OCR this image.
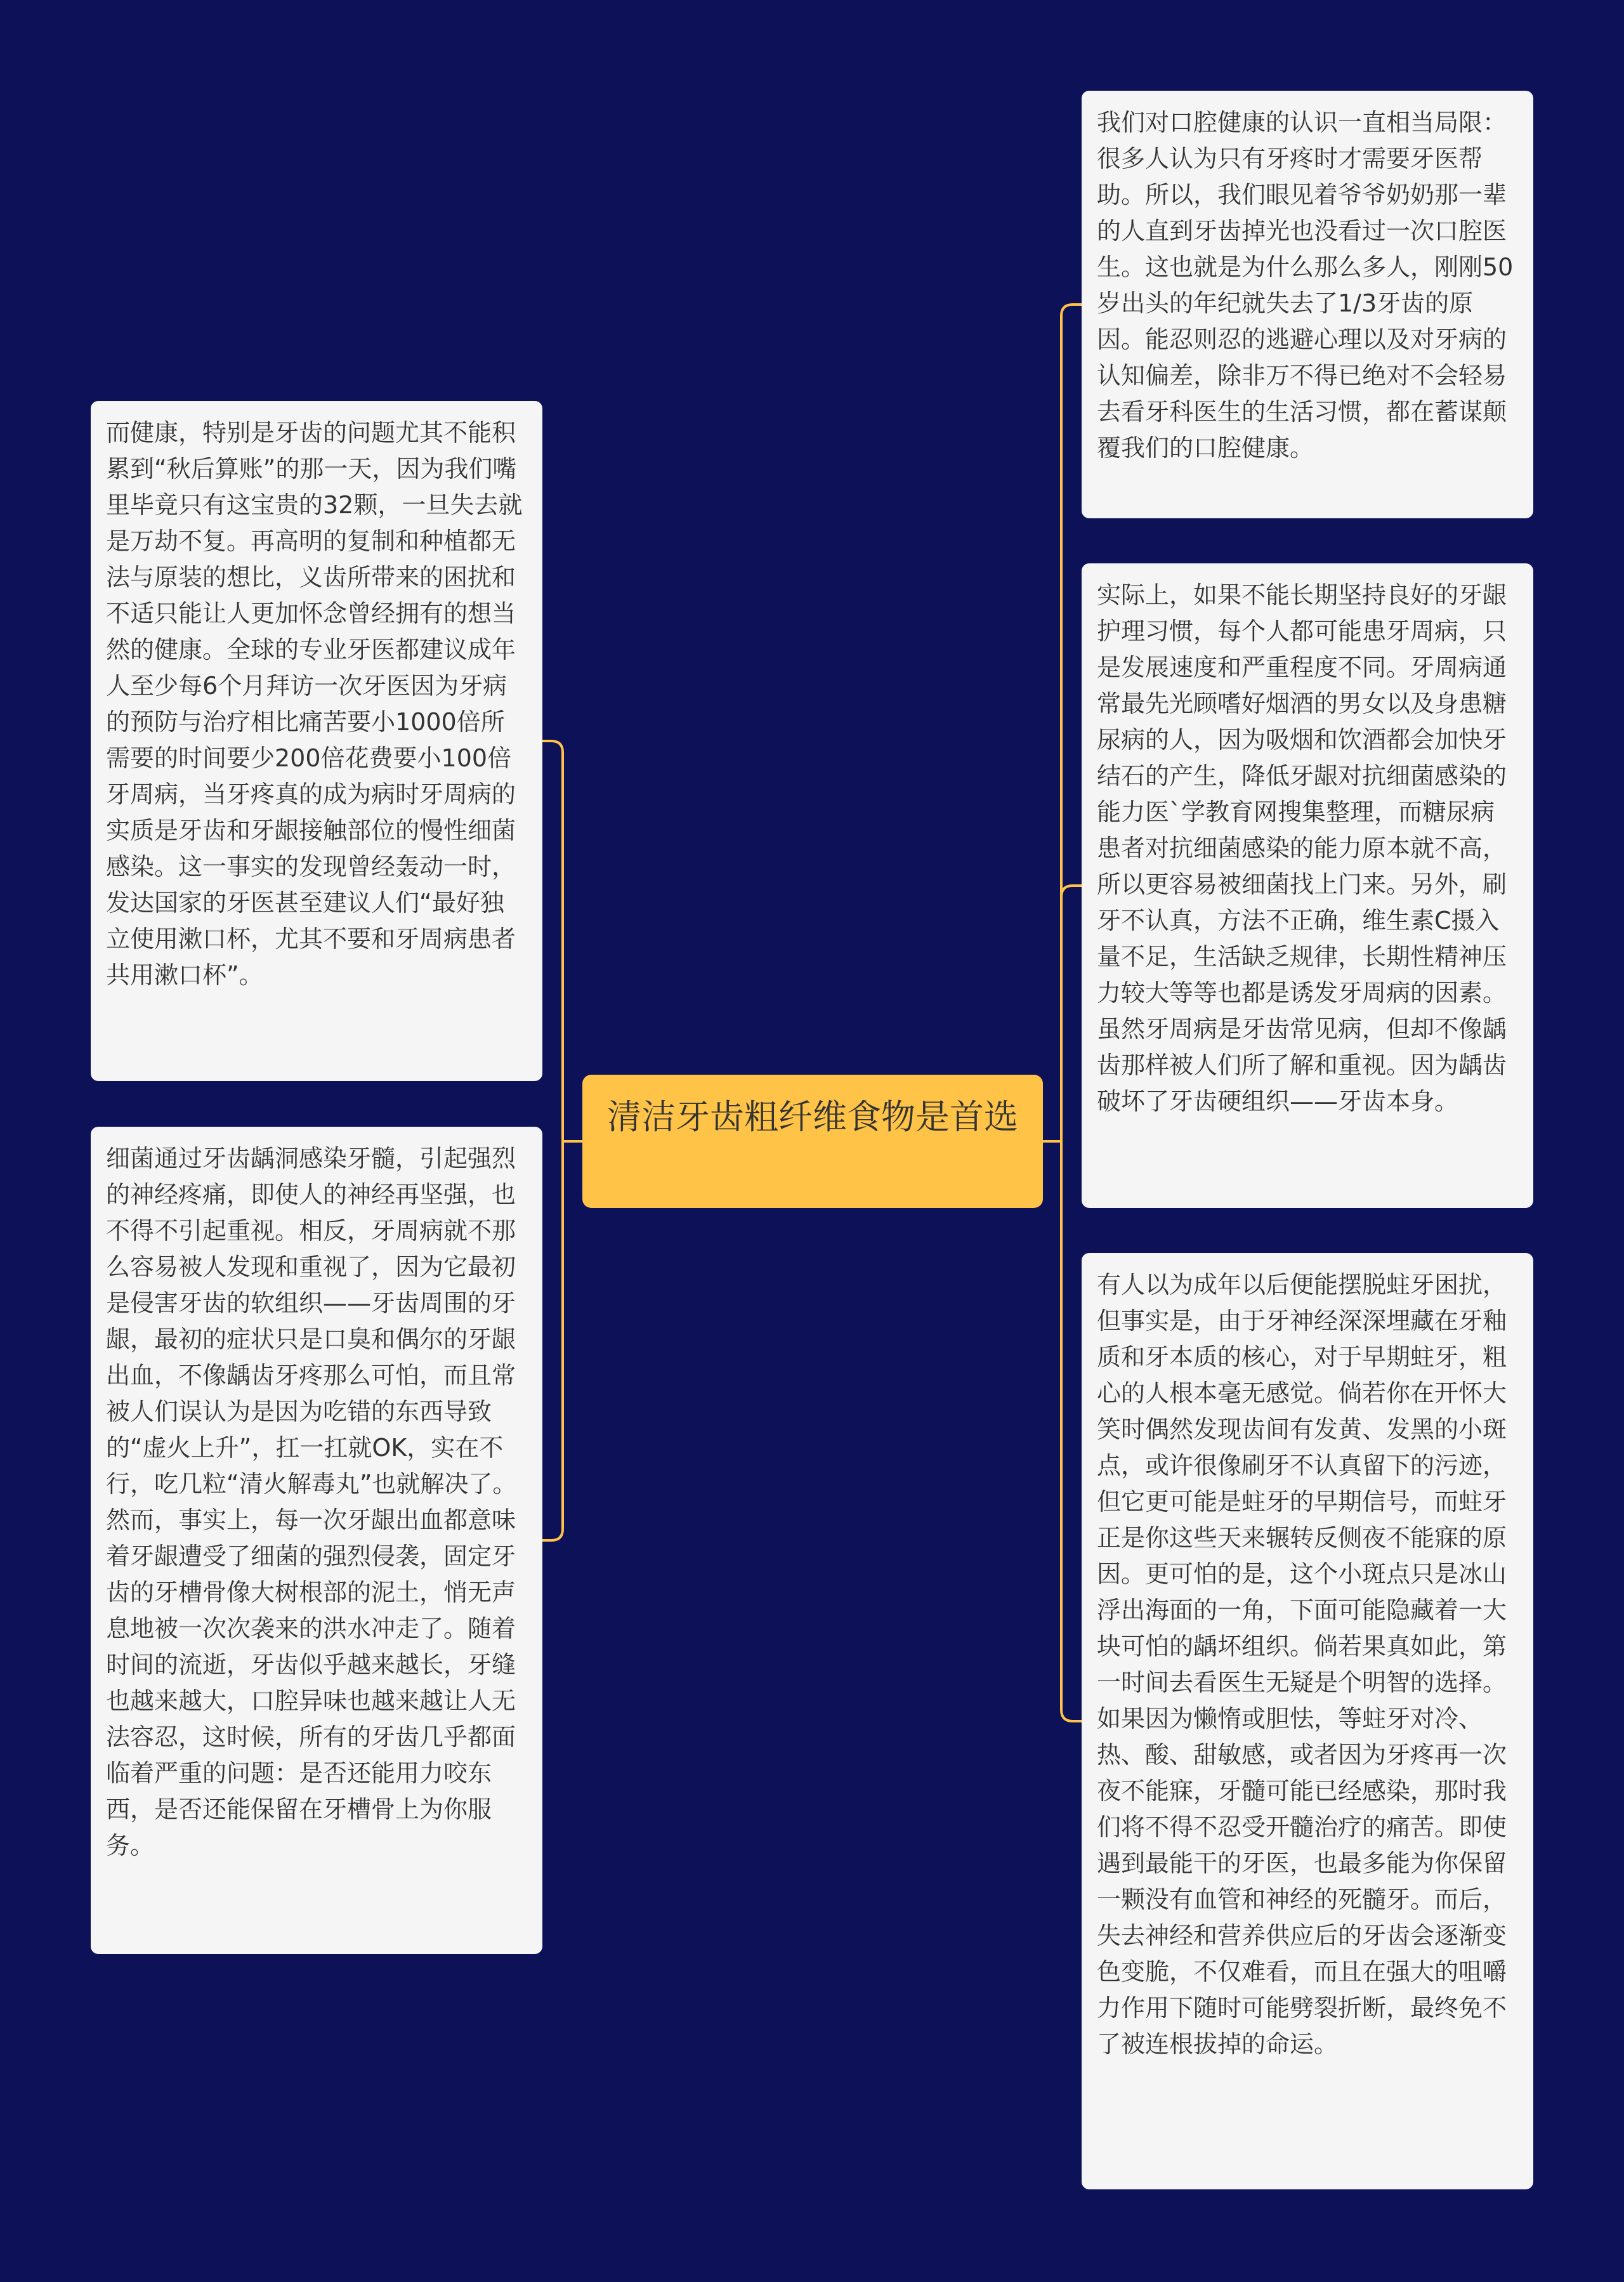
清洁牙齿粗纤维食物是首选
而健康，特别是牙齿的问题尤其不能积累到“秋后算账”的那一天，因为我们嘴里毕竟只有这宝贵的32颗，一旦失去就是万劫不复。再高明的复制和种植都无法与原装的想比，义齿所带来的困扰和不适只能让人更加怀念曾经拥有的想当然的健康。全球的专业牙医都建议成年人至少每6个月拜访一次牙医因为牙病的预防与治疗相比痛苦要小1000倍所需要的时间要少200倍花费要小100倍牙周病，当牙疼真的成为病时牙周病的实质是牙齿和牙龈接触部位的慢性细菌感染。这一事实的发现曾经轰动一时，发达国家的牙医甚至建议人们“最好独立使用漱口杯，尤其不要和牙周病患者共用漱口杯”。
细菌通过牙齿龋洞感染牙髓，引起强烈的神经疼痛，即使人的神经再坚强，也不得不引起重视。相反，牙周病就不那么容易被人发现和重视了，因为它最初是侵害牙齿的软组织——牙齿周围的牙龈，最初的症状只是口臭和偶尔的牙龈出血，不像龋齿牙疼那么可怕，而且常被人们误认为是因为吃错的东西导致的“虚火上升”，扛一扛就OK，实在不行，吃几粒“清火解毒丸”也就解决了。然而，事实上，每一次牙龈出血都意味着牙龈遭受了细菌的强烈侵袭，固定牙齿的牙槽骨像大树根部的泥土，悄无声息地被一次次袭来的洪水冲走了。随着时间的流逝，牙齿似乎越来越长，牙缝也越来越大，口腔异味也越来越让人无法容忍，这时候，所有的牙齿几乎都面临着严重的问题：是否还能用力咬东西，是否还能保留在牙槽骨上为你服务。
我们对口腔健康的认识一直相当局限：很多人认为只有牙疼时才需要牙医帮助。所以，我们眼见着爷爷奶奶那一辈的人直到牙齿掉光也没看过一次口腔医生。这也就是为什么那么多人，刚刚50岁出头的年纪就失去了1/3牙齿的原因。能忍则忍的逃避心理以及对牙病的认知偏差，除非万不得已绝对不会轻易去看牙科医生的生活习惯，都在蓄谋颠覆我们的口腔健康。
实际上，如果不能长期坚持良好的牙龈护理习惯，每个人都可能患牙周病，只是发展速度和严重程度不同。牙周病通常最先光顾嗜好烟酒的男女以及身患糖尿病的人，因为吸烟和饮酒都会加快牙结石的产生，降低牙龈对抗细菌感染的能力医`学教育网搜集整理，而糖尿病患者对抗细菌感染的能力原本就不高，所以更容易被细菌找上门来。另外，刷牙不认真，方法不正确，维生素C摄入量不足，生活缺乏规律，长期性精神压力较大等等也都是诱发牙周病的因素。虽然牙周病是牙齿常见病，但却不像龋齿那样被人们所了解和重视。因为龋齿破坏了牙齿硬组织——牙齿本身。
有人以为成年以后便能摆脱蛀牙困扰，但事实是，由于牙神经深深埋藏在牙釉质和牙本质的核心，对于早期蛀牙，粗心的人根本毫无感觉。倘若你在开怀大笑时偶然发现齿间有发黄、发黑的小斑点，或许很像刷牙不认真留下的污迹，但它更可能是蛀牙的早期信号，而蛀牙正是你这些天来辗转反侧夜不能寐的原因。更可怕的是，这个小斑点只是冰山浮出海面的一角，下面可能隐藏着一大块可怕的龋坏组织。倘若果真如此，第一时间去看医生无疑是个明智的选择。如果因为懒惰或胆怯，等蛀牙对冷、热、酸、甜敏感，或者因为牙疼再一次夜不能寐，牙髓可能已经感染，那时我们将不得不忍受开髓治疗的痛苦。即使遇到最能干的牙医，也最多能为你保留一颗没有血管和神经的死髓牙。而后，失去神经和营养供应后的牙齿会逐渐变色变脆，不仅难看，而且在强大的咀嚼力作用下随时可能劈裂折断，最终免不了被连根拔掉的命运。
